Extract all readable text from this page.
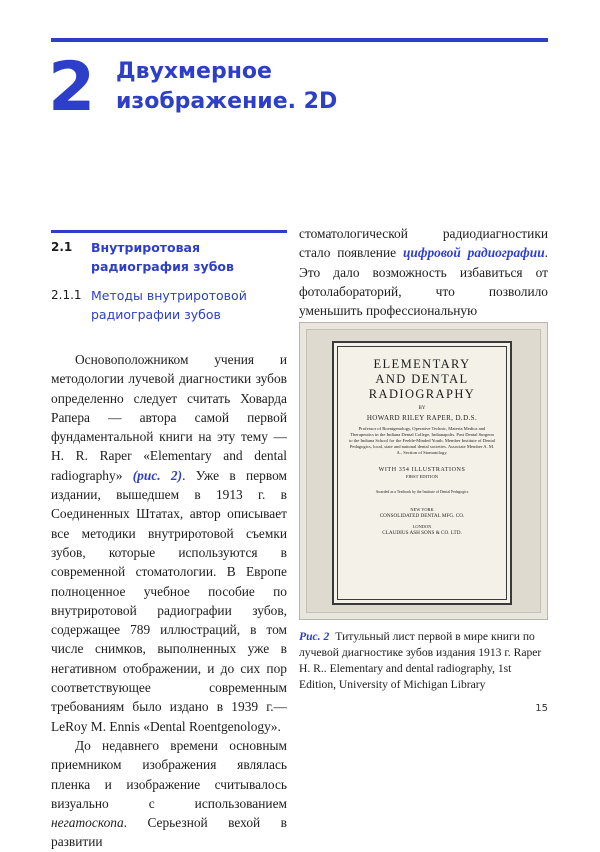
2 Двухмерное
изображение. 2D
2.1	Внутриротовая
радиография зубов
2.1.1 Методы внутриротовой
радиографии зубов

Основоположником учения и методологии лучевой диагностики зубов определенно следует считать Ховарда Рапера — автора самой первой фундаментальной книги на эту тему — H. R. Raper «Elementary and dental radiography» (рис. 2). Уже в первом издании, вышедшем в 1913 г. в Соединенных Штатах, автор описывает все методики внутриротовой съемки зубов, которые используются в современной стоматологии. В Европе полноценное учебное пособие по внутриротовой радиографии зубов, содержащее 789 иллюстраций, в том числе снимков, выполненных уже в негативном отображении, и до сих пор соответствующее современным требованиям было издано в 1939 г.— LeRoy M. Ennis «Dental Roentgenology».

До недавнего времени основным приемником изображения являлась пленка и изображение считывалось визуально с использованием негатоскопа. Серьезной вехой в развитии

стоматологической радиодиагностики стало появление цифровой радиографии. Это дало возможность избавиться от фотолабораторий, что позволило уменьшить профессиональную
ELEMENTARY
AND DENTAL
RADIOGRAPHY
BY
HOWARD RILEY RAPER, D.D.S.
Professor of Roentgenology, Operative Technic, Materia Medica and Therapeutics in the Indiana Dental College, Indianapolis. Past Dental Surgeon to the Indiana School for the Feeble-Minded Youth. Member Institute of Dental Pedagogics, local, state and national dental societies. Associate Member A. M. A., Section of Stomatology.
WITH 354 ILLUSTRATIONS
FIRST EDITION
Awarded as a Textbook by the Institute of Dental Pedagogics
NEW YORK
CONSOLIDATED DENTAL MFG. CO.
LONDON
CLAUDIUS ASH SONS & CO. LTD.
Рис. 2 Титульный лист первой в мире книги по лучевой диагностике зубов издания 1913 г. Raper H. R.. Elementary and dental radiography, 1st Edition, University of Michigan Library
15
